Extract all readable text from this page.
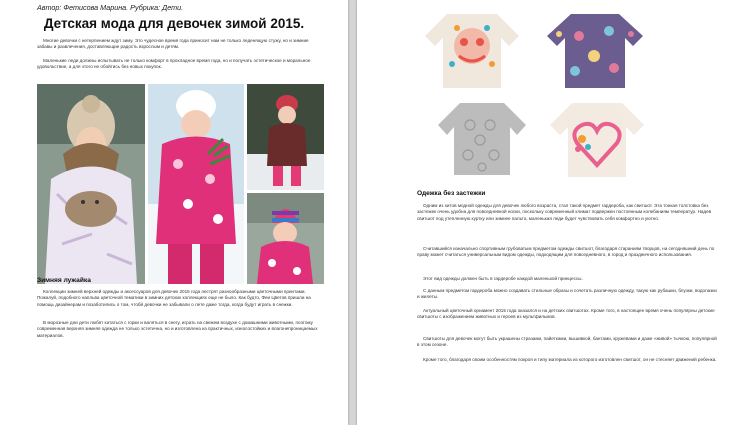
Автор: Фетисова Марина. Рубрика: Дети.
Детская мода для девочек зимой 2015.

Многие девочки с нетерпением ждут зиму. Это чудесное время года приносит нам не только леденящую стужу, но и зимние забавы и развлечения, доставляющие радость взрослым и детям.

Маленькие леди должны испытывать не только комфорт в прохладное время года, но и получать эстетическое и моральное удовольствие, а для этого не обойтись без новых покупок.

Зимняя лужайка

Коллекции зимней верхней одежды и аксессуаров для девочек 2015 года пестрят разнообразными цветочными принтами. Пожалуй, подобного напльва цветочной тематики в зимних детских коллекциях еще не было. Как будто, Феи Цветов пришли на помощь дизайнерам и позаботились о том, чтобй девочки не забывали о лете даже тогда, когда будут играть в снежки.

В морозные дни дети любят кататься с горки и валяться в снегу, играть на свежем воздухе с домашними животными, поэтому современная верхняя зимняя одежда не только эстетична, но и изготовлена из практичных, износостойких и влагонепроницаемых материалов.

Одежка без застежки

Одним из хитов модной одежды для девочек любого возраста, стал такой предмет гардероба, как свитшот. Эта тонкая толстовка без застежек очень удобна для повседневной носки, поскольку современный климат подвержен постоянным колебаниям температур. Надев свитшот под утепленную куртку или зимнее пальто, маленькая леди будет чувствовать себя комфортно и уютно.

Считавшийся изначально спортивным грубоватым предметом одежды свитшот, благодаря стараниям творцов, на сегодняшний день по праву может считаться универсальным видом одежды, подходящим для повседневного, в город и праздничного использования.

Этот вид одежды должен быть в гардеробе каждой маленькой принцессы.

С данным предметом гардероба можно создавать стильные образы и сочетать различную одежду, такую как рубашки, блузки, водолазки и жилеты.

Актуальный цветочный орнамент 2015 года оказался и на детских свитшотах. Кроме того, в настоящее время очень популярны детские свитшоты с изображением животных и героев из мультфильмов.

Свитшоты для девочек могут быть украшены стразами, пайетками, вышивкой, бантами, кружевами и даже «живой» тычкою, популярной в этом сезоне.

Кроме того, благодаря своим особенностям покроя и типу материала из которого изготовлен свитшот, он не стесняет движений ребенка.
